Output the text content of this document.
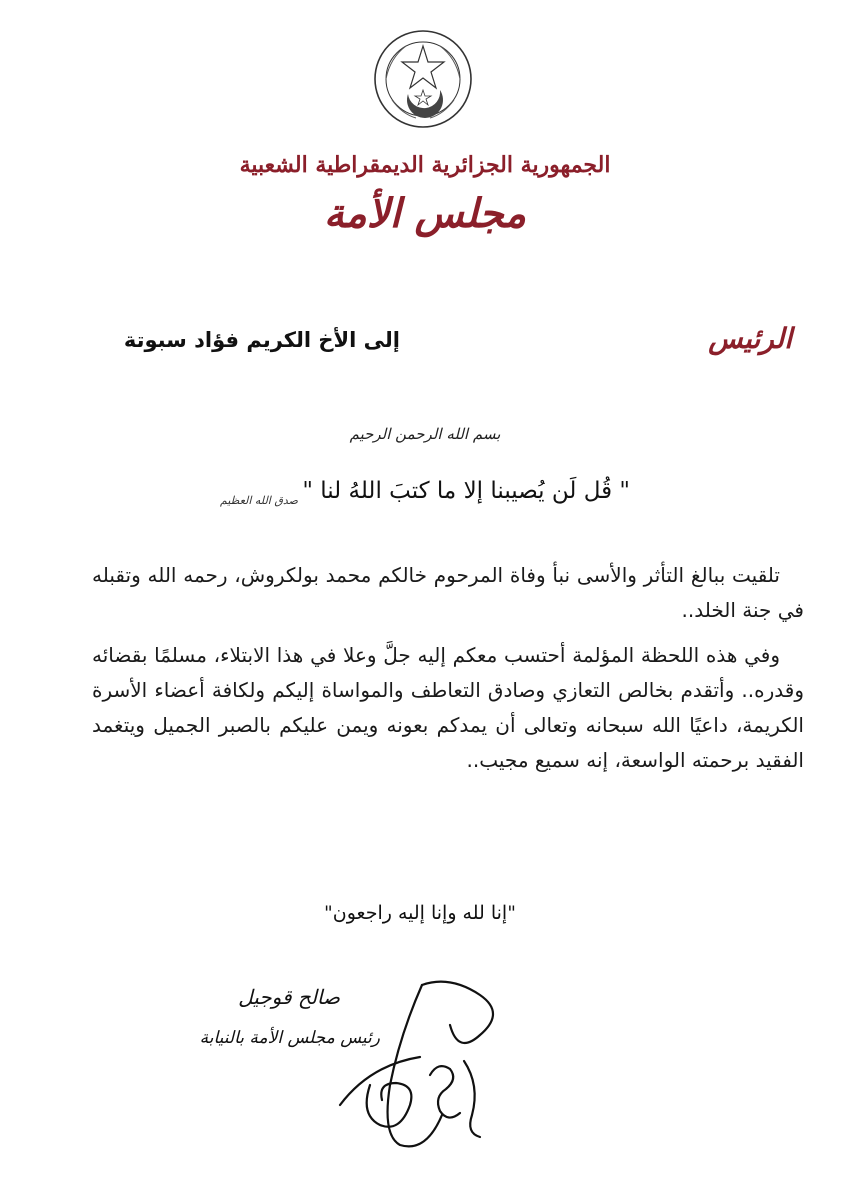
الجمهورية الجزائرية الديمقراطية الشعبية
مجلس الأمة
الرئيس
إلى الأخ الكريم فؤاد سبوتة
بسم الله الرحمن الرحيم
" قُل لَن يُصيبنا إلا ما كتبَ اللهُ لنا "
صدق الله العظيم

تلقيت ببالغ التأثر والأسى نبأ وفاة المرحوم خالكم محمد بولكروش، رحمه الله وتقبله في جنة الخلد..

وفي هذه اللحظة المؤلمة أحتسب معكم إليه جلَّ وعلا في هذا الابتلاء، مسلمًا بقضائه وقدره.. وأتقدم بخالص التعازي وصادق التعاطف والمواساة إليكم ولكافة أعضاء الأسرة الكريمة، داعيًا الله سبحانه وتعالى أن يمدكم بعونه ويمن عليكم بالصبر الجميل ويتغمد الفقيد برحمته الواسعة، إنه سميع مجيب..

"إنا لله وإنا إليه راجعون"
صالح قوجيل
رئيس مجلس الأمة بالنيابة
